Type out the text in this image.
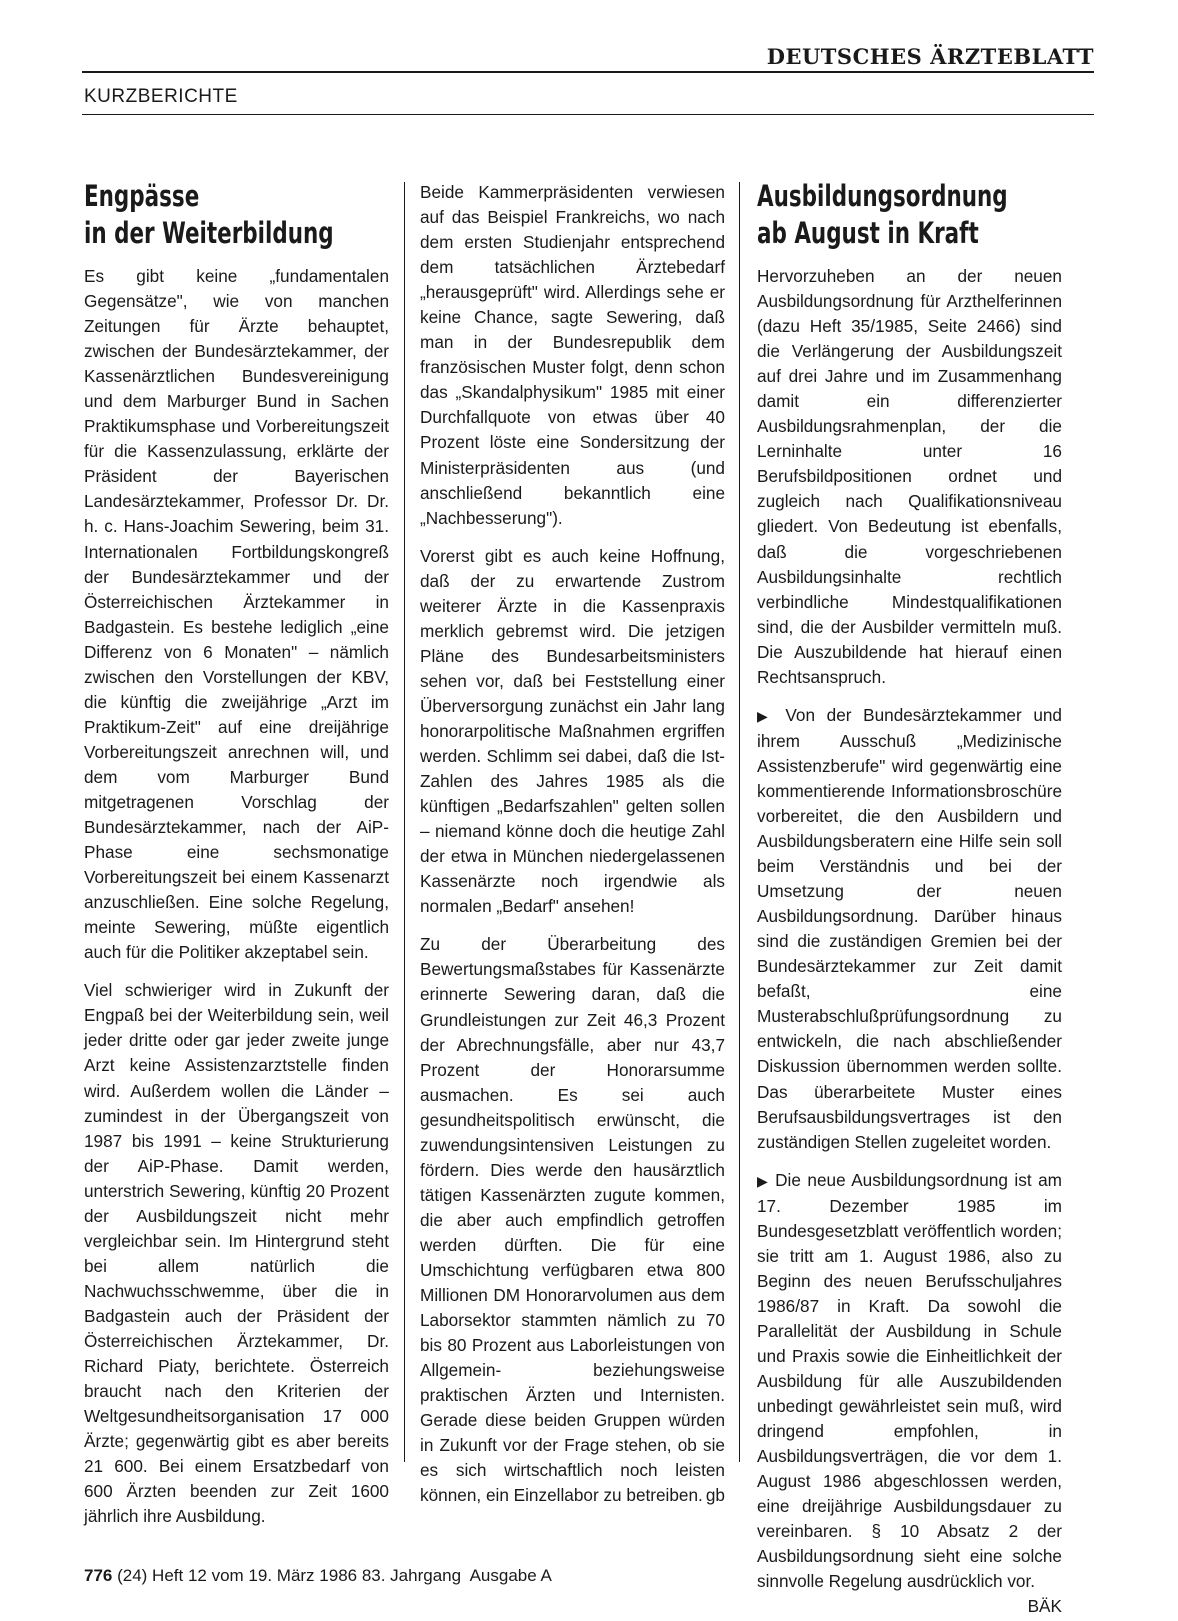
DEUTSCHES ÄRZTEBLATT
KURZBERICHTE
Engpässe
in der Weiterbildung

Es gibt keine „fundamentalen Gegensätze", wie von manchen Zeitungen für Ärzte behauptet, zwischen der Bundesärztekammer, der Kassenärztlichen Bundesvereinigung und dem Marburger Bund in Sachen Praktikumsphase und Vorbereitungszeit für die Kassenzulassung, erklärte der Präsident der Bayerischen Landesärztekammer, Professor Dr. Dr. h. c. Hans-Joachim Sewering, beim 31. Internationalen Fortbildungskongreß der Bundesärztekammer und der Österreichischen Ärztekammer in Badgastein. Es bestehe lediglich „eine Differenz von 6 Monaten" – nämlich zwischen den Vorstellungen der KBV, die künftig die zweijährige „Arzt im Praktikum-Zeit" auf eine dreijährige Vorbereitungszeit anrechnen will, und dem vom Marburger Bund mitgetragenen Vorschlag der Bundesärztekammer, nach der AiP-Phase eine sechsmonatige Vorbereitungszeit bei einem Kassenarzt anzuschließen. Eine solche Regelung, meinte Sewering, müßte eigentlich auch für die Politiker akzeptabel sein.

Viel schwieriger wird in Zukunft der Engpaß bei der Weiterbildung sein, weil jeder dritte oder gar jeder zweite junge Arzt keine Assistenzarztstelle finden wird. Außerdem wollen die Länder – zumindest in der Übergangszeit von 1987 bis 1991 – keine Strukturierung der AiP-Phase. Damit werden, unterstrich Sewering, künftig 20 Prozent der Ausbildungszeit nicht mehr vergleichbar sein. Im Hintergrund steht bei allem natürlich die Nachwuchsschwemme, über die in Badgastein auch der Präsident der Österreichischen Ärztekammer, Dr. Richard Piaty, berichtete. Österreich braucht nach den Kriterien der Weltgesundheitsorganisation 17 000 Ärzte; gegenwärtig gibt es aber bereits 21 600. Bei einem Ersatzbedarf von 600 Ärzten beenden zur Zeit 1600 jährlich ihre Ausbildung.

Beide Kammerpräsidenten verwiesen auf das Beispiel Frankreichs, wo nach dem ersten Studienjahr entsprechend dem tatsächlichen Ärztebedarf „herausgeprüft" wird. Allerdings sehe er keine Chance, sagte Sewering, daß man in der Bundesrepublik dem französischen Muster folgt, denn schon das „Skandalphysikum" 1985 mit einer Durchfallquote von etwas über 40 Prozent löste eine Sondersitzung der Ministerpräsidenten aus (und anschließend bekanntlich eine „Nachbesserung").

Vorerst gibt es auch keine Hoffnung, daß der zu erwartende Zustrom weiterer Ärzte in die Kassenpraxis merklich gebremst wird. Die jetzigen Pläne des Bundesarbeitsministers sehen vor, daß bei Feststellung einer Überversorgung zunächst ein Jahr lang honorarpolitische Maßnahmen ergriffen werden. Schlimm sei dabei, daß die Ist-Zahlen des Jahres 1985 als die künftigen „Bedarfszahlen" gelten sollen – niemand könne doch die heutige Zahl der etwa in München niedergelassenen Kassenärzte noch irgendwie als normalen „Bedarf" ansehen!

Zu der Überarbeitung des Bewertungsmaßstabes für Kassenärzte erinnerte Sewering daran, daß die Grundleistungen zur Zeit 46,3 Prozent der Abrechnungsfälle, aber nur 43,7 Prozent der Honorarsumme ausmachen. Es sei auch gesundheitspolitisch erwünscht, die zuwendungsintensiven Leistungen zu fördern. Dies werde den hausärztlich tätigen Kassenärzten zugute kommen, die aber auch empfindlich getroffen werden dürften. Die für eine Umschichtung verfügbaren etwa 800 Millionen DM Honorarvolumen aus dem Laborsektor stammten nämlich zu 70 bis 80 Prozent aus Laborleistungen von Allgemein- beziehungsweise praktischen Ärzten und Internisten. Gerade diese beiden Gruppen würden in Zukunft vor der Frage stehen, ob sie es sich wirtschaftlich noch leisten können, ein Einzellabor zu betreiben. gb

Ausbildungsordnung
ab August in Kraft

Hervorzuheben an der neuen Ausbildungsordnung für Arzthelferinnen (dazu Heft 35/1985, Seite 2466) sind die Verlängerung der Ausbildungszeit auf drei Jahre und im Zusammenhang damit ein differenzierter Ausbildungsrahmenplan, der die Lerninhalte unter 16 Berufsbildpositionen ordnet und zugleich nach Qualifikationsniveau gliedert. Von Bedeutung ist ebenfalls, daß die vorgeschriebenen Ausbildungsinhalte rechtlich verbindliche Mindestqualifikationen sind, die der Ausbilder vermitteln muß. Die Auszubildende hat hierauf einen Rechtsanspruch.

▶ Von der Bundesärztekammer und ihrem Ausschuß „Medizinische Assistenzberufe" wird gegenwärtig eine kommentierende Informationsbroschüre vorbereitet, die den Ausbildern und Ausbildungsberatern eine Hilfe sein soll beim Verständnis und bei der Umsetzung der neuen Ausbildungsordnung. Darüber hinaus sind die zuständigen Gremien bei der Bundesärztekammer zur Zeit damit befaßt, eine Musterabschlußprüfungsordnung zu entwickeln, die nach abschließender Diskussion übernommen werden sollte. Das überarbeitete Muster eines Berufsausbildungsvertrages ist den zuständigen Stellen zugeleitet worden.

▶ Die neue Ausbildungsordnung ist am 17. Dezember 1985 im Bundesgesetzblatt veröffentlich worden; sie tritt am 1. August 1986, also zu Beginn des neuen Berufsschuljahres 1986/87 in Kraft. Da sowohl die Parallelität der Ausbildung in Schule und Praxis sowie die Einheitlichkeit der Ausbildung für alle Auszubildenden unbedingt gewährleistet sein muß, wird dringend empfohlen, in Ausbildungsverträgen, die vor dem 1. August 1986 abgeschlossen werden, eine dreijährige Ausbildungsdauer zu vereinbaren. § 10 Absatz 2 der Ausbildungsordnung sieht eine solche sinnvolle Regelung ausdrücklich vor.
BÄK

776 (24) Heft 12 vom 19. März 1986 83. Jahrgang  Ausgabe A
